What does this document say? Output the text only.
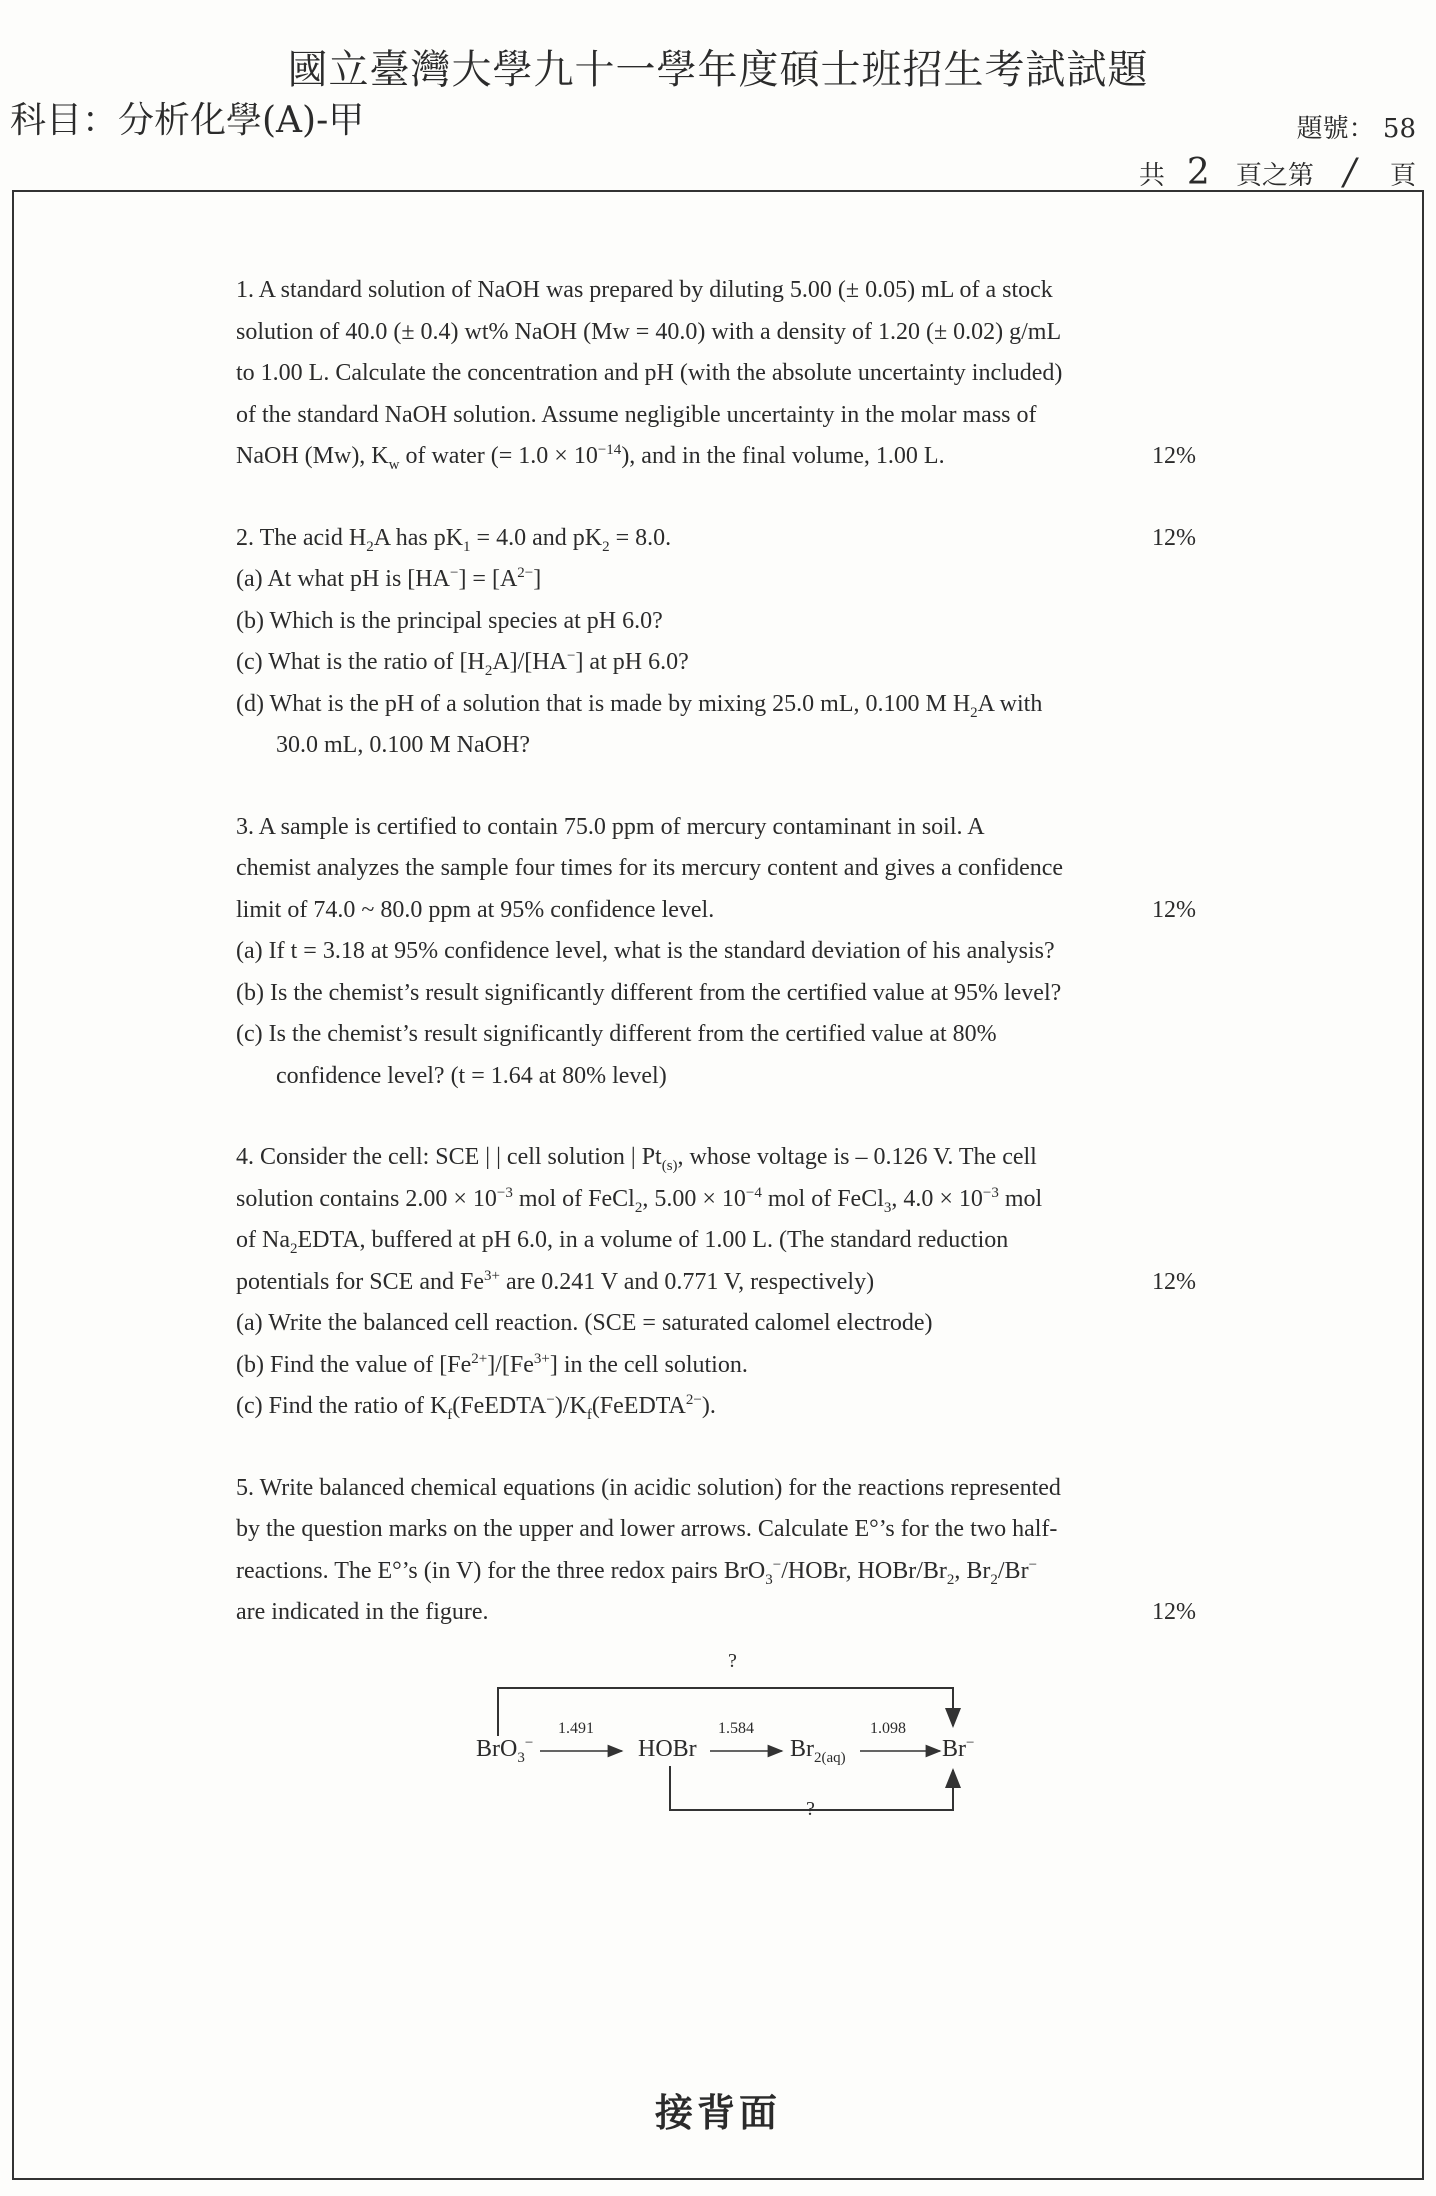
國立臺灣大學九十一學年度碩士班招生考試試題
科目：分析化學(A)-甲	題號： 58
共 2 頁之第 / 頁

1. A standard solution of NaOH was prepared by diluting 5.00 (± 0.05) mL of a stock

solution of 40.0 (± 0.4) wt% NaOH (Mw = 40.0) with a density of 1.20 (± 0.02) g/mL

to 1.00 L. Calculate the concentration and pH (with the absolute uncertainty included)

of the standard NaOH solution. Assume negligible uncertainty in the molar mass of

NaOH (Mw), $K_w$ of water (= $1.0 \times 10^{-14}$), and in the final volume, 1.00 L.	12%

2. The acid $H_2A$ has $pK_1 = 4.0$ and $pK_2 = 8.0$.	12%

(a) At what pH is $[HA^-] = [A^{2-}]$

(b) Which is the principal species at pH 6.0?

(c) What is the ratio of $[H_2A]/[HA^-]$ at pH 6.0?

(d) What is the pH of a solution that is made by mixing 25.0 mL, 0.100 M $H_2A$ with

30.0 mL, 0.100 M NaOH?

3. A sample is certified to contain 75.0 ppm of mercury contaminant in soil. A

chemist analyzes the sample four times for its mercury content and gives a confidence

limit of 74.0 ~ 80.0 ppm at 95% confidence level.	12%

(a) If t = 3.18 at 95% confidence level, what is the standard deviation of his analysis?

(b) Is the chemist’s result significantly different from the certified value at 95% level?

(c) Is the chemist’s result significantly different from the certified value at 80%

confidence level? (t = 1.64 at 80% level)

4. Consider the cell: SCE | | cell solution | $Pt_{(s)}$, whose voltage is – 0.126 V. The cell

solution contains $2.00 \times 10^{-3}$ mol of FeCl$_2$, $5.00 \times 10^{-4}$ mol of FeCl$_3$, $4.0 \times 10^{-3}$ mol

of $Na_2EDTA$, buffered at pH 6.0, in a volume of 1.00 L. (The standard reduction

potentials for SCE and $Fe^{3+}$ are 0.241 V and 0.771 V, respectively)	12%

(a) Write the balanced cell reaction. (SCE = saturated calomel electrode)

(b) Find the value of $[Fe^{2+}]/[Fe^{3+}]$ in the cell solution.

(c) Find the ratio of $K_f(FeEDTA^-)/K_f(FeEDTA^{2-})$.

5. Write balanced chemical equations (in acidic solution) for the reactions represented

by the question marks on the upper and lower arrows. Calculate E°’s for the two half-

reactions. The E°’s (in V) for the three redox pairs BrO$_3$−/HOBr, HOBr/$Br_2$, $Br_2/Br^-$

are indicated in the figure.	12%

?
?
1.491	1.584	1.098
BrO$_3$−	HOBr	$Br_{2(aq)}$	Br−
接背面
